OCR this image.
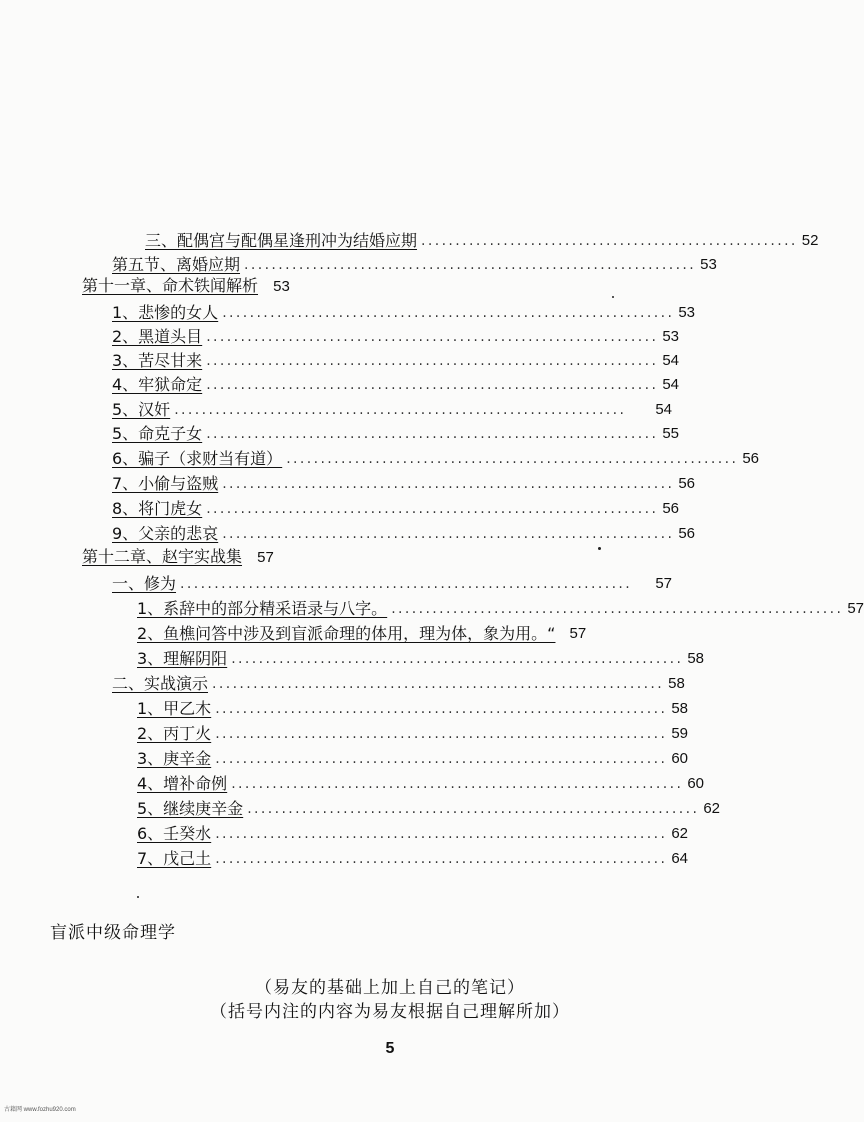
三、配偶宫与配偶星逢刑冲为结婚应期 ....................................................... 52
第五节、离婚应期 .................................................................. 53
第十一章、命术铁闻解析 53
1、悲惨的女人 .................................................................. 53
2、黑道头目 .................................................................. 53
3、苦尽甘来 .................................................................. 54
4、牢狱命定 .................................................................. 54
5、汉奸 ..................................................................	54
5、命克子女 .................................................................. 55
6、骗子（求财当有道） .................................................................. 56
7、小偷与盗贼 .................................................................. 56
8、将门虎女 .................................................................. 56
9、父亲的悲哀 .................................................................. 56
第十二章、赵宇实战集 57
一、修为 ..................................................................	57
1、系辞中的部分精采语录与八字。 .................................................................. 57
2、鱼樵问答中涉及到盲派命理的体用，理为体，象为用。“ 57
3、理解阴阳 .................................................................. 58
二、实战演示 .................................................................. 58
1、甲乙木 .................................................................. 58
2、丙丁火 .................................................................. 59
3、庚辛金 .................................................................. 60
4、增补命例 .................................................................. 60
5、继续庚辛金 .................................................................. 62
6、壬癸水 .................................................................. 62
7、戊己土 .................................................................. 64
盲派中级命理学
（易友的基础上加上自己的笔记）
（括号内注的内容为易友根据自己理解所加）
5
古籍网 www.fozhu920.com
